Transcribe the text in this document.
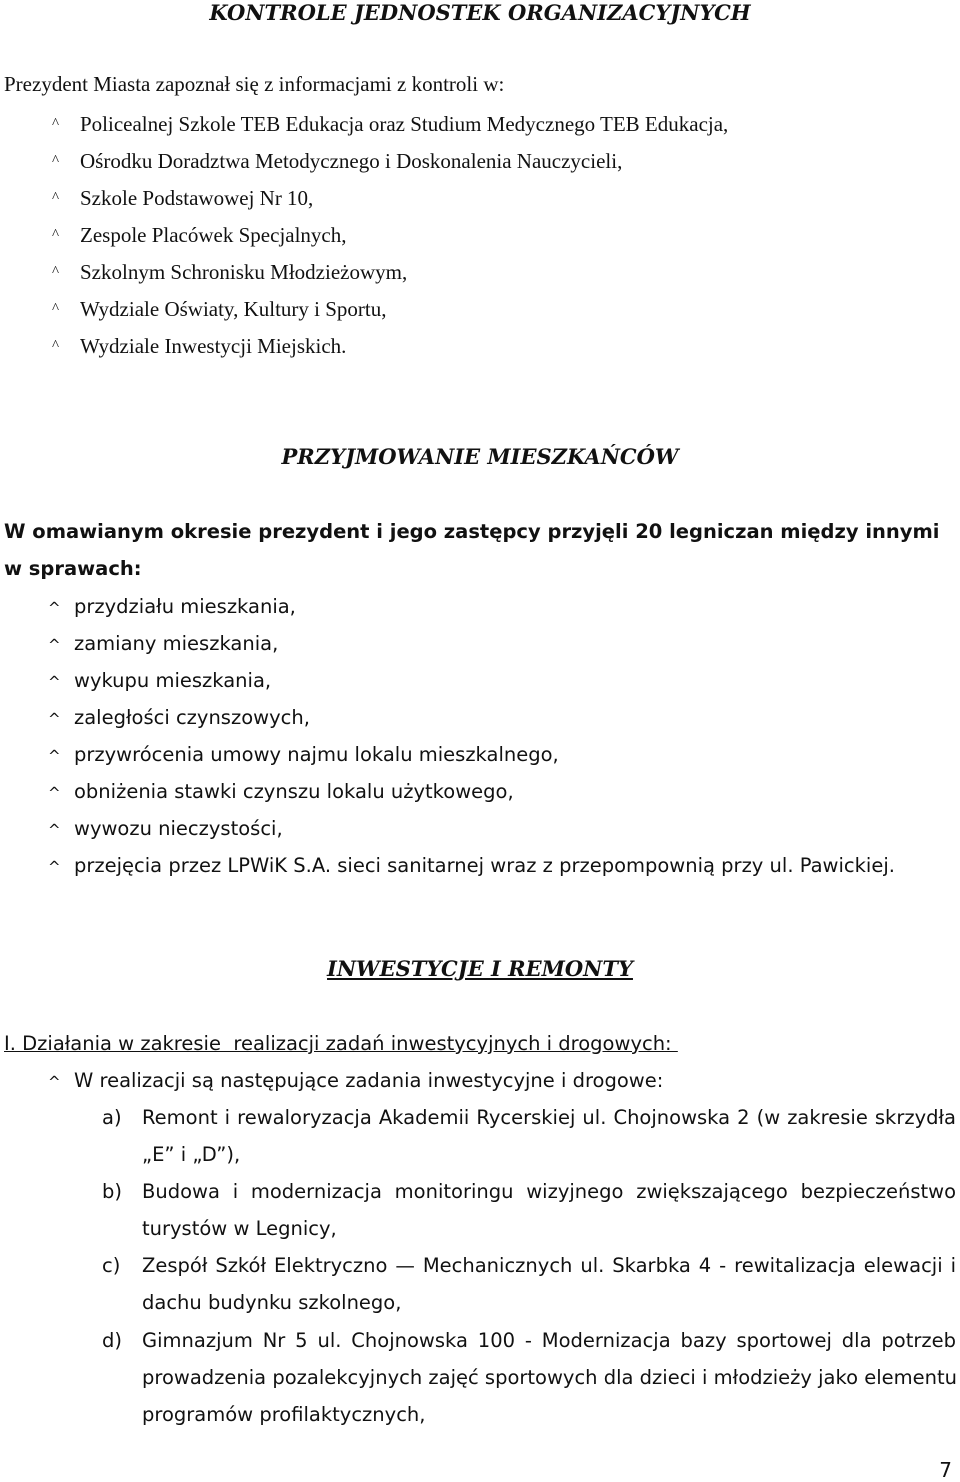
KONTROLE JEDNOSTEK ORGANIZACYJNYCH
Prezydent Miasta zapoznał się z informacjami z kontroli w:
^ Policealnej Szkole TEB Edukacja oraz Studium Medycznego TEB Edukacja,
^ Ośrodku Doradztwa Metodycznego i Doskonalenia Nauczycieli,
^ Szkole Podstawowej Nr 10,
^ Zespole Placówek Specjalnych,
^ Szkolnym Schronisku Młodzieżowym,
^ Wydziale Oświaty, Kultury i Sportu,
^ Wydziale Inwestycji Miejskich.
PRZYJMOWANIE MIESZKAŃCÓW
W omawianym okresie prezydent i jego zastępcy przyjęli 20 legniczan między innymi
w sprawach:
^ przydziału mieszkania,
^ zamiany mieszkania,
^ wykupu mieszkania,
^ zaległości czynszowych,
^ przywrócenia umowy najmu lokalu mieszkalnego,
^ obniżenia stawki czynszu lokalu użytkowego,
^ wywozu nieczystości,
^ przejęcia przez LPWiK S.A. sieci sanitarnej wraz z przepompownią przy ul. Pawickiej.
INWESTYCJE I REMONTY
I. Działania w zakresie  realizacji zadań inwestycyjnych i drogowych:
^ W realizacji są następujące zadania inwestycyjne i drogowe:
a) Remont i rewaloryzacja Akademii Rycerskiej ul. Chojnowska 2 (w zakresie skrzydła
„E” i „D”),
b) Budowa i modernizacja monitoringu wizyjnego zwiększającego bezpieczeństwo
turystów w Legnicy,
c) Zespół Szkół Elektryczno — Mechanicznych ul. Skarbka 4 - rewitalizacja elewacji i
dachu budynku szkolnego,
d) Gimnazjum Nr 5 ul. Chojnowska 100 - Modernizacja bazy sportowej dla potrzeb
prowadzenia pozalekcyjnych zajęć sportowych dla dzieci i młodzieży jako elementu
programów profilaktycznych,
7
